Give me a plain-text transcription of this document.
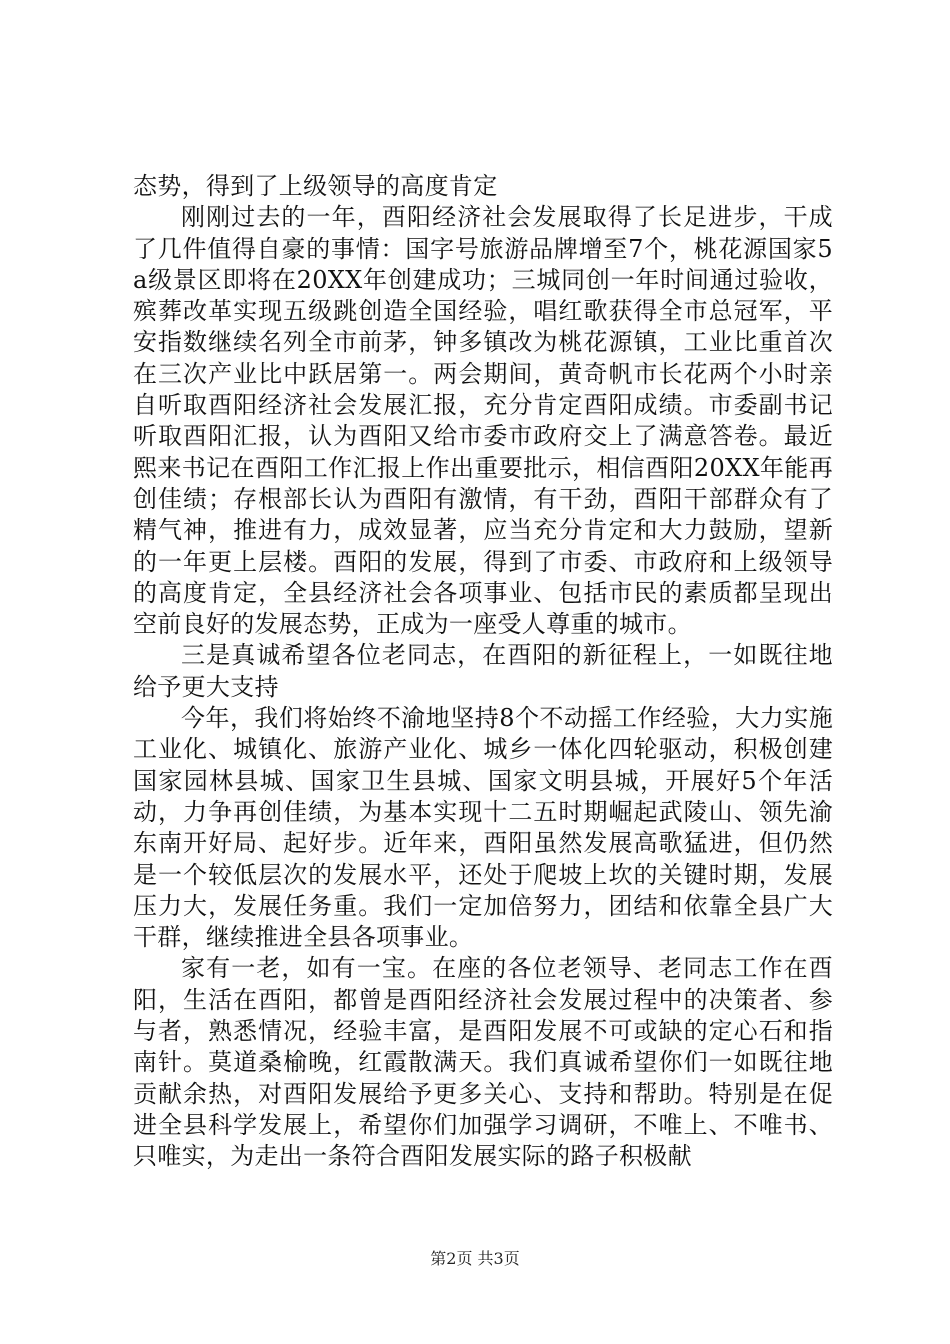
态势，得到了上级领导的高度肯定

刚刚过去的一年，酉阳经济社会发展取得了长足进步，干成了几件值得自豪的事情：国字号旅游品牌增至7个，桃花源国家5a级景区即将在20XX年创建成功；三城同创一年时间通过验收，殡葬改革实现五级跳创造全国经验，唱红歌获得全市总冠军，平安指数继续名列全市前茅，钟多镇改为桃花源镇，工业比重首次在三次产业比中跃居第一。两会期间，黄奇帆市长花两个小时亲自听取酉阳经济社会发展汇报，充分肯定酉阳成绩。市委副书记听取酉阳汇报，认为酉阳又给市委市政府交上了满意答卷。最近熙来书记在酉阳工作汇报上作出重要批示，相信酉阳20XX年能再创佳绩；存根部长认为酉阳有激情，有干劲，酉阳干部群众有了精气神，推进有力，成效显著，应当充分肯定和大力鼓励，望新的一年更上层楼。酉阳的发展，得到了市委、市政府和上级领导的高度肯定，全县经济社会各项事业、包括市民的素质都呈现出空前良好的发展态势，正成为一座受人尊重的城市。

三是真诚希望各位老同志，在酉阳的新征程上，一如既往地给予更大支持

今年，我们将始终不渝地坚持8个不动摇工作经验，大力实施工业化、城镇化、旅游产业化、城乡一体化四轮驱动，积极创建国家园林县城、国家卫生县城、国家文明县城，开展好5个年活动，力争再创佳绩，为基本实现十二五时期崛起武陵山、领先渝东南开好局、起好步。近年来，酉阳虽然发展高歌猛进，但仍然是一个较低层次的发展水平，还处于爬坡上坎的关键时期，发展压力大，发展任务重。我们一定加倍努力，团结和依靠全县广大干群，继续推进全县各项事业。

家有一老，如有一宝。在座的各位老领导、老同志工作在酉阳，生活在酉阳，都曾是酉阳经济社会发展过程中的决策者、参与者，熟悉情况，经验丰富，是酉阳发展不可或缺的定心石和指南针。莫道桑榆晚，红霞散满天。我们真诚希望你们一如既往地贡献余热，对酉阳发展给予更多关心、支持和帮助。特别是在促进全县科学发展上，希望你们加强学习调研，不唯上、不唯书、只唯实，为走出一条符合酉阳发展实际的路子积极献

第2页 共3页
